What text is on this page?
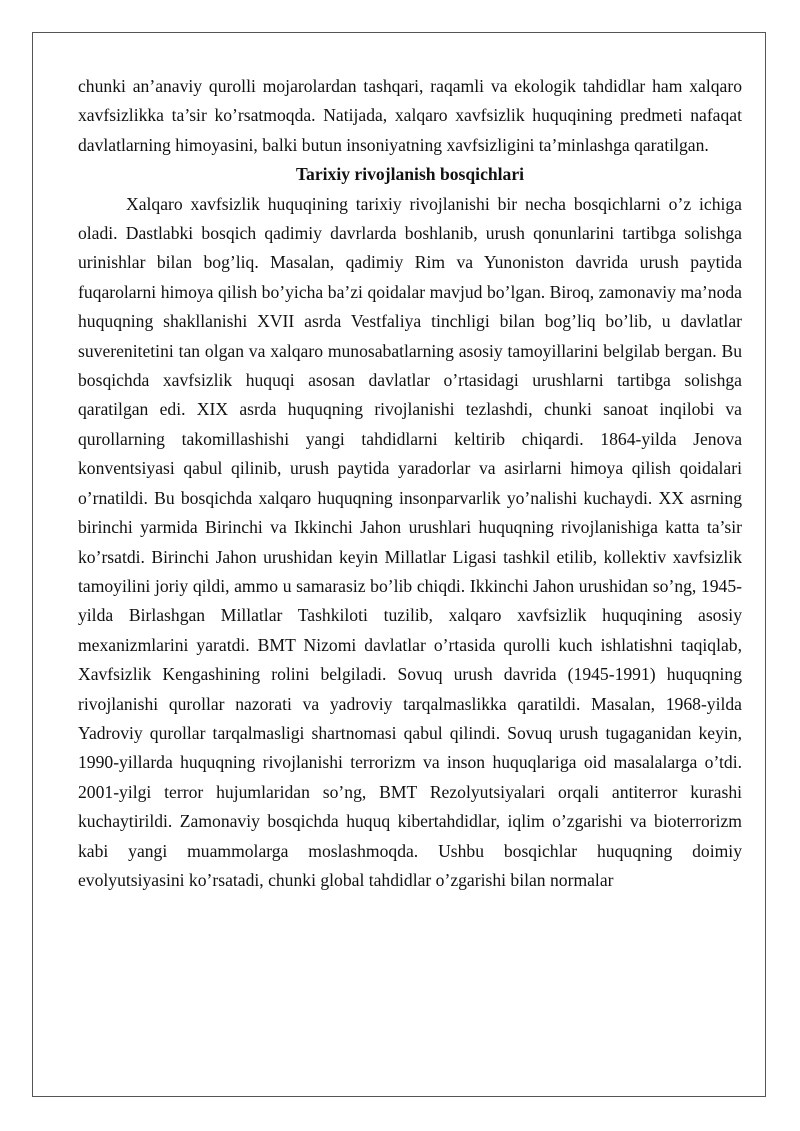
chunki an’anaviy qurolli mojarolardan tashqari, raqamli va ekologik tahdidlar ham xalqaro xavfsizlikka ta’sir ko’rsatmoqda. Natijada, xalqaro xavfsizlik huquqining predmeti nafaqat davlatlarning himoyasini, balki butun insoniyatning xavfsizligini ta’minlashga qaratilgan.

Tarixiy rivojlanish bosqichlari

Xalqaro xavfsizlik huquqining tarixiy rivojlanishi bir necha bosqichlarni o’z ichiga oladi. Dastlabki bosqich qadimiy davrlarda boshlanib, urush qonunlarini tartibga solishga urinishlar bilan bog’liq. Masalan, qadimiy Rim va Yunoniston davrida urush paytida fuqarolarni himoya qilish bo’yicha ba’zi qoidalar mavjud bo’lgan. Biroq, zamonaviy ma’noda huquqning shakllanishi XVII asrda Vestfaliya tinchligi bilan bog’liq bo’lib, u davlatlar suverenitetini tan olgan va xalqaro munosabatlarning asosiy tamoyillarini belgilab bergan. Bu bosqichda xavfsizlik huquqi asosan davlatlar o’rtasidagi urushlarni tartibga solishga qaratilgan edi. XIX asrda huquqning rivojlanishi tezlashdi, chunki sanoat inqilobi va qurollarning takomillashishi yangi tahdidlarni keltirib chiqardi. 1864-yilda Jenova konventsiyasi qabul qilinib, urush paytida yaradorlar va asirlarni himoya qilish qoidalari o’rnatildi. Bu bosqichda xalqaro huquqning insonparvarlik yo’nalishi kuchaydi. XX asrning birinchi yarmida Birinchi va Ikkinchi Jahon urushlari huquqning rivojlanishiga katta ta’sir ko’rsatdi. Birinchi Jahon urushidan keyin Millatlar Ligasi tashkil etilib, kollektiv xavfsizlik tamoyilini joriy qildi, ammo u samarasiz bo’lib chiqdi. Ikkinchi Jahon urushidan so’ng, 1945-yilda Birlashgan Millatlar Tashkiloti tuzilib, xalqaro xavfsizlik huquqining asosiy mexanizmlarini yaratdi. BMT Nizomi davlatlar o’rtasida qurolli kuch ishlatishni taqiqlab, Xavfsizlik Kengashining rolini belgiladi. Sovuq urush davrida (1945-1991) huquqning rivojlanishi qurollar nazorati va yadroviy tarqalmaslikka qaratildi. Masalan, 1968-yilda Yadroviy qurollar tarqalmasligi shartnomasi qabul qilindi. Sovuq urush tugaganidan keyin, 1990-yillarda huquqning rivojlanishi terrorizm va inson huquqlariga oid masalalarga o’tdi. 2001-yilgi terror hujumlaridan so’ng, BMT Rezolyutsiyalari orqali antiterror kurashi kuchaytirildi. Zamonaviy bosqichda huquq kibertahdidlar, iqlim o’zgarishi va bioterrorizm kabi yangi muammolarga moslashmoqda. Ushbu bosqichlar huquqning doimiy evolyutsiyasini ko’rsatadi, chunki global tahdidlar o’zgarishi bilan normalar
